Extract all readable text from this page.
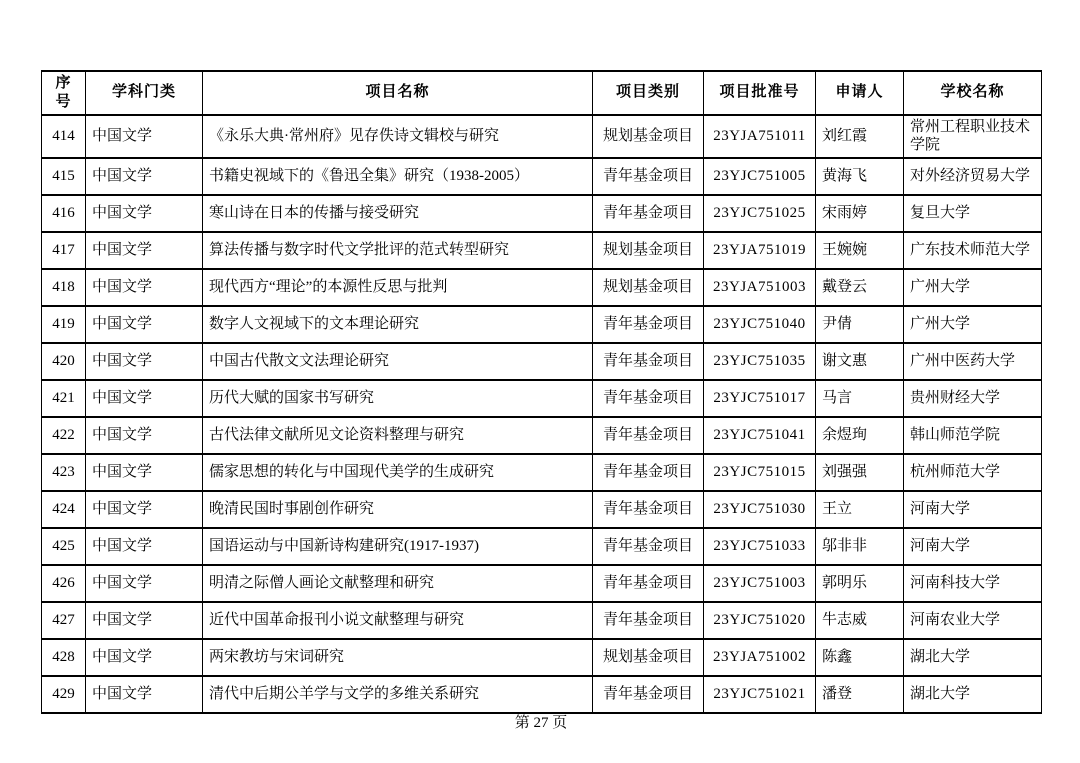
序号	学科门类	项目名称	项目类别	项目批准号	申请人	学校名称
414	中国文学	《永乐大典·常州府》见存佚诗文辑校与研究	规划基金项目	23YJA751011	刘红霞	常州工程职业技术学院
415	中国文学	书籍史视域下的《鲁迅全集》研究（1938-2005）	青年基金项目	23YJC751005	黄海飞	对外经济贸易大学
416	中国文学	寒山诗在日本的传播与接受研究	青年基金项目	23YJC751025	宋雨婷	复旦大学
417	中国文学	算法传播与数字时代文学批评的范式转型研究	规划基金项目	23YJA751019	王婉婉	广东技术师范大学
418	中国文学	现代西方“理论”的本源性反思与批判	规划基金项目	23YJA751003	戴登云	广州大学
419	中国文学	数字人文视域下的文本理论研究	青年基金项目	23YJC751040	尹倩	广州大学
420	中国文学	中国古代散文文法理论研究	青年基金项目	23YJC751035	谢文惠	广州中医药大学
421	中国文学	历代大赋的国家书写研究	青年基金项目	23YJC751017	马言	贵州财经大学
422	中国文学	古代法律文献所见文论资料整理与研究	青年基金项目	23YJC751041	余煜珣	韩山师范学院
423	中国文学	儒家思想的转化与中国现代美学的生成研究	青年基金项目	23YJC751015	刘强强	杭州师范大学
424	中国文学	晚清民国时事剧创作研究	青年基金项目	23YJC751030	王立	河南大学
425	中国文学	国语运动与中国新诗构建研究(1917-1937)	青年基金项目	23YJC751033	邬非非	河南大学
426	中国文学	明清之际僧人画论文献整理和研究	青年基金项目	23YJC751003	郭明乐	河南科技大学
427	中国文学	近代中国革命报刊小说文献整理与研究	青年基金项目	23YJC751020	牛志威	河南农业大学
428	中国文学	两宋教坊与宋词研究	规划基金项目	23YJA751002	陈鑫	湖北大学
429	中国文学	清代中后期公羊学与文学的多维关系研究	青年基金项目	23YJC751021	潘登	湖北大学
第 27 页
